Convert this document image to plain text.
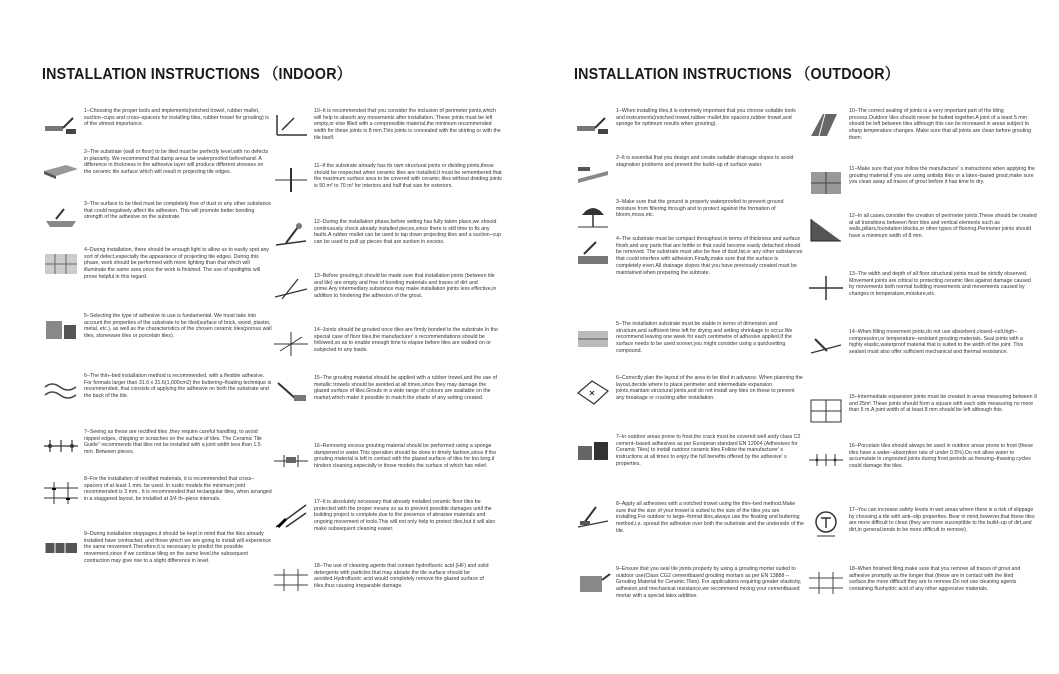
INSTALLATION INSTRUCTIONS （INDOOR）
1–Choosing the proper tools and implements(notched trowel, rubber mallet, suction–cups and cross–spacers for installing tiles, rubber trowel for grouting) is of the utmost importance.
2–The substrate (wall or floor) to be tiled must be perfectly level,with no defects in planarity. We recommend that damp areas be waterproofed beforehand. A difference in thickness in the adhesive layer will produce different stresses on the ceramic tile surface which will result in projecting tile edges.
3–The surface to be tiled must be completely free of dust or any other substance that could negatively affect tile adhesion. This will promote better bonding strength of the adhesive on the substrate.
4–During installation, there should be enough light to allow us to easily spot any sort of defect,especially the appearance of projecting tile edges. During this phase, work should be performed with more lighting than that which will illuminate the same area once the work is finished. The use of spotlights will prove helpful in this regard.
5–Selecting the type of adhesive to use is fundamental. We must take into account the properties of the substrate to be tiled(surface of brick, wood, plaster, metal, etc.), as well as the characteristics of the chosen ceramic tiles(porous wall tiles, stoneware tiles or porcelain tiles).
6–The thin–bed installation method is recommended, with a flexible adhesive. For formats larger than 31.6 x 31.6(1,000cm2) the buttering–floating technique is recommended, that consists of applying the adhesive on both the substrate and the back of the tile.
7–Seeing as these are rectified tiles ,they require careful handling, to avoid nipped edges, chipping or scratches on the surface of tiles. The Ceramic Tile Guide" recommends that tiles not be installed with a joint width less than 1.5 mm. Between pieces.
8–For the installation of rectified materials, it is recommended that cross–spacers of at least 1 mm. be used. In rustic models the minimum joint recommended is 3 mm.. It is recommended that rectangular tiles, when arranged in a staggered layout, be installed at 3/4 th–piece intervals.
9–During installation stoppages,it should be kept in mind that the tiles already installed have contracted, and those which we are going to install will experience the same movement.Therefore,it is necessary to predict the possible movement,since if we continue tiling on the same level,the subsequent contraction may give rise to a slight difference in level.
10–It is recommended that you consider the inclusion of perimeter joints,which will help to absorb any movements after installation. These joints must be left empty,or else filled with a compressible material,the minimum recommended width for these joints is 8 mm.This joints is concealed with the skirting or with the tile itself.
11–If the substrate already has its own structural joints or dividing joints,these should be respected when ceramic tiles are installed.It must be remembered that the maximum surface area to be covered with ceramic tiles without dividing joints is 50 m² to 70 m² for interiors and half that size for exteriors.
12–During the installation phase,before setting has fully taken place,we should continuously check already installed pieces,since there is still time to fix any faults.A rubber mallet can be used to tap down projecting tiles and a suction–cup can be used to pull up pieces that are sunken in excess.
13–Before grouting,it should be made sure that installation joints (between tile and tile) are empty and free of bonding materials and traces of dirt and grime.Any intermediary substance may make installation joints less effective,in addition to hindering the adhesion of the grout.
14–Joints should be grouted once tiles are firmly bonded to the substrate.In the special case of floor tiles,the manufacturer' s recommendations should be followed,so as to enable enough time to elapse before tiles are walked on or subjected to any loads.
15–The grouting material should be applied with a rubber trowel,and the use of metallic trowels should be avoided at all times,since they may damage the glazed surface of tiles.Grouts in a wide range of colours are available on the market,which make it possible to match the shade of any setting created.
16–Removing excess grouting material should be performed using a sponge dampened in water.This operation should be done in timely fashion,since if the grouting material is left in contact with the glazed surface of tiles for too long,it hinders cleaning,especially in those models the surface of which has relief.
17–It is absolutely necessary that already installed ceramic floor tiles be protected with the proper means so as to prevent possible damages until the building project is complete,due to the presence of abrasive materials and ongoing movement of tools.This will not only help to protect tiles,but it will also make subsequent cleaning easier.
18–The use of cleaning agents that contain hydrofluoric acid (HF) and solid detergents with particles that may abrade the tile surface should be avoided.Hydrofluoric acid would completely remove the glazed surface of tiles,thus causing irreparable damage.
INSTALLATION INSTRUCTIONS （OUTDOOR）
1–When installing tiles,it is extremely important that you choose suitable tools and instruments(notched trowel,rubber mallet,tile spacers,rubber trowel,and sponge for optimum results when grouting).
2–It is essential that you design and create suitable drainage slopes to avoid stagnation problems and prevent the build–up of surface water.
3–Make sure that the ground is properly waterproofed to prevent ground moisture from filtering through and to protect against the formation of bloom,moss,etc.
4–The substrate must be compact throughout in terms of thickness and surface finish,and any parts that are brittle or that could become easily detached should be removed. The substrate must also be free of dust,fat,or any other substances that could interfere with adhesion.Finally,make sure that the surface is completely even.All drainage slopes that you have previously created must be maintained when preparing the subtrate.
5–The installation substrate must be stable in terms of dimension and structure,and sufficient time left for drying and setting shrinkage to occur.We recommend leaving one week for each centimetre of adhesive applied.If the surface needs to be used sooner,you might consider using a quicksetting compound.
6–Correctly plan the layout of the area to be tiled in advance. When planning the layout,decide where to place perimeter and intermediate expansion joints,maintain structural joints,and do not install any tiles on these to prevent any breakage or cracking after installation.
7–In outdoor areas prone to frost,the crack must be covered well andy class C2 cement–based adhesives as per European standard EN 12004 (Adhesives for Ceramic Tiles) to install outdoor ceramic tiles.Follow the manufacturer' s instructions at all times to enjoy the full benefits offered by the adhesive' s properties.
8–Apply all adhesives with a notched trowel using the thin–bed method.Make sure that the size of your trowel is suited to the size of the tiles you are installing.For outdoor ro large–format tiles,always use the floating and buttering method,i.e. spread the adhesive over both the substrate and the underside of the tile.
9–Ensure that you seal tile joints properly by using a grouting mortar suited to outdoor use(Class CG2 cementbased grouting mortars as per EN 13888 – Grouting Material for Ceramic Tiles). For applications requiring greater elasticity, adhesion,and mechanical resistance,we recommend mixing your cementbased mortar with a special latex additive.
10–The correct sealing of joints is a very important part of the tiling process.Outdoor tiles should never be butted together.A joint of a least 5 mm should be left between tiles although this can be increased in areas subject to sharp temperature changes. Make sure that all joints are clean before grouting them.
11–Make sure that your follow the manufacture' s instructions when applying the grouting material.If you are using antislip tiles or a latex–based grout,make sure you clean away all traces of grout before it has time to dry.
12–In all cases,consider the creation of perimeter joints.These should be created at all transitions between floor tiles and vertical elements such as walls,pillars,foundation blocks,or other types of flooring.Perimeter joints should have a minimum width of 8 mm.
13–The width and depth of all floor structural joints must be strictly observed. Movement joints are critical to protecting ceramic tiles against damage caused by movements both normal building movements and movements caused by changes in temperature,moisture,etc.
14–When filling movement joints,do not use absorbent,closed–cell,high–compression,or temperature–resistant grouting materials. Seal joints with a highly elastic,waterproof material that is suited to the width of the joint. This sealant must also offer sufficient mechanical and thermal resistance.
15–Intermediate expansion joints must be created in areas measuring between 9 and 25m².These joints should form a square with each side measuring no more than 5 m.A joint width of at least 8 mm should be left although this.
16–Porcelain tiles should always be used in outdoor areas prone to frost (these tiles have a water–absorption rate of under 0.5%).Do not allow water to accumulate in ungrouted joints during frost periods as freezing–thawing cycles could damage the tiles.
17–You can increase safety levels in wet areas where there is a risk of slippage by choosing a tile with anti–slip properties. Bear in mind,however,that these tiles are more difficult to clean (they are more susceptible to the build–up of dirt,and dirt,in general,tends to be more difficult to remove).
18–When finished tiling,make sure that you remove all traces of grout and adhesive promptly as the longer that (these are in contact with the tiled surface,the more difficult they are to remove.Do not use cleaning agents containing fluohydric acid of any other aggressive materials.
